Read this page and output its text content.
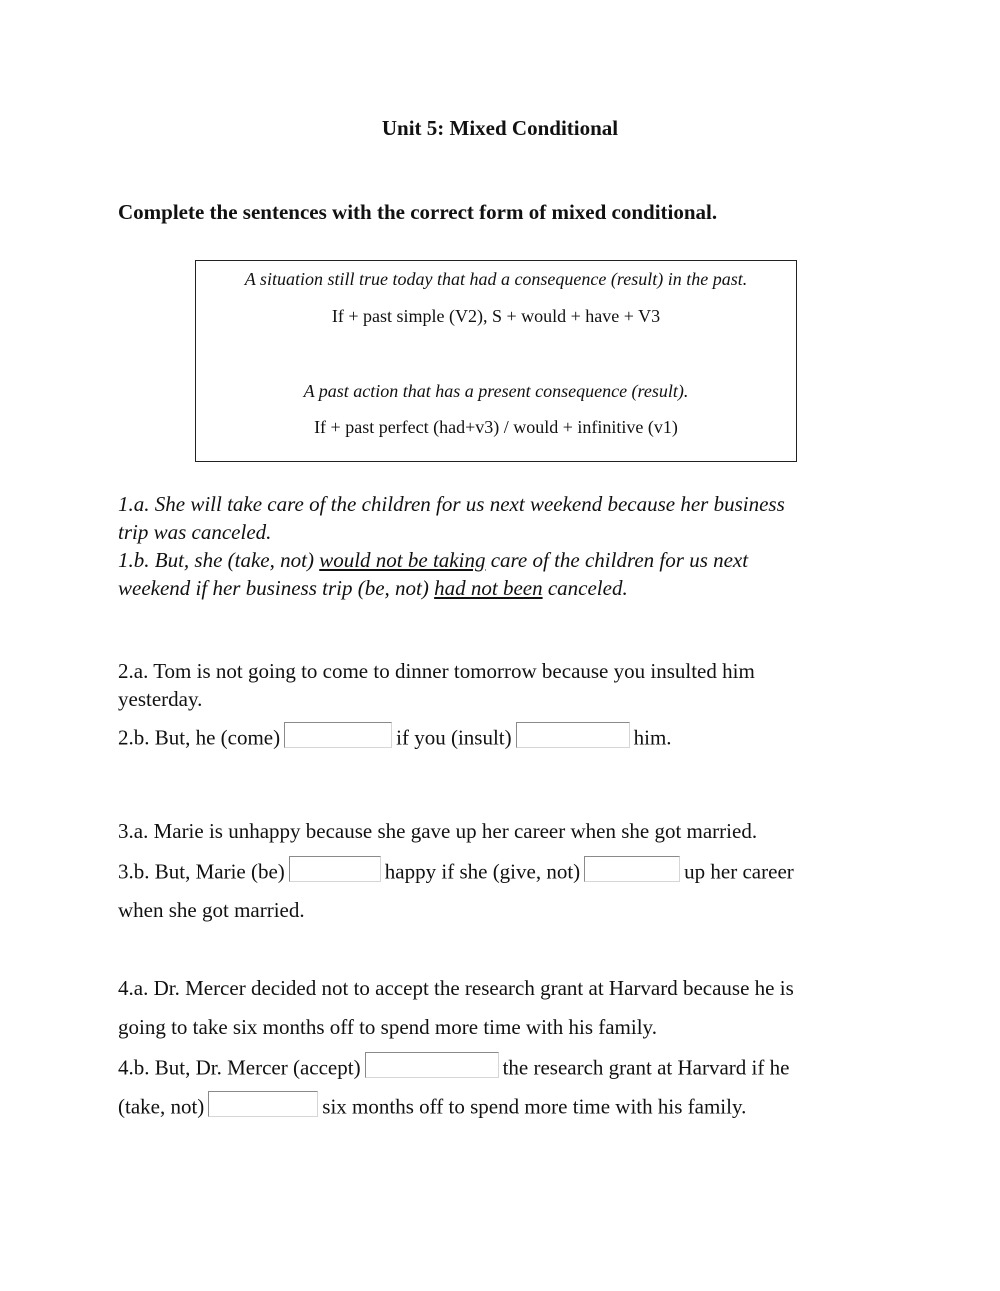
Unit 5: Mixed Conditional
Complete the sentences with the correct form of mixed conditional.
A situation still true today that had a consequence (result) in the past.
If + past simple (V2), S + would + have + V3
A past action that has a present consequence (result).
If + past perfect (had+v3) / would + infinitive (v1)
1.a. She will take care of the children for us next weekend because her business
trip was canceled.
1.b. But, she (take, not) would not be taking care of the children for us next
weekend if her business trip (be, not) had not been canceled.
2.a. Tom is not going to come to dinner tomorrow because you insulted him
yesterday.
2.b. But, he (come)	if you (insult)	him.
3.a. Marie is unhappy because she gave up her career when she got married.
3.b. But, Marie (be)	happy if she (give, not)	up her career
when she got married.
4.a. Dr. Mercer decided not to accept the research grant at Harvard because he is
going to take six months off to spend more time with his family.
4.b. But, Dr. Mercer (accept)	the research grant at Harvard if he
(take, not)	six months off to spend more time with his family.
